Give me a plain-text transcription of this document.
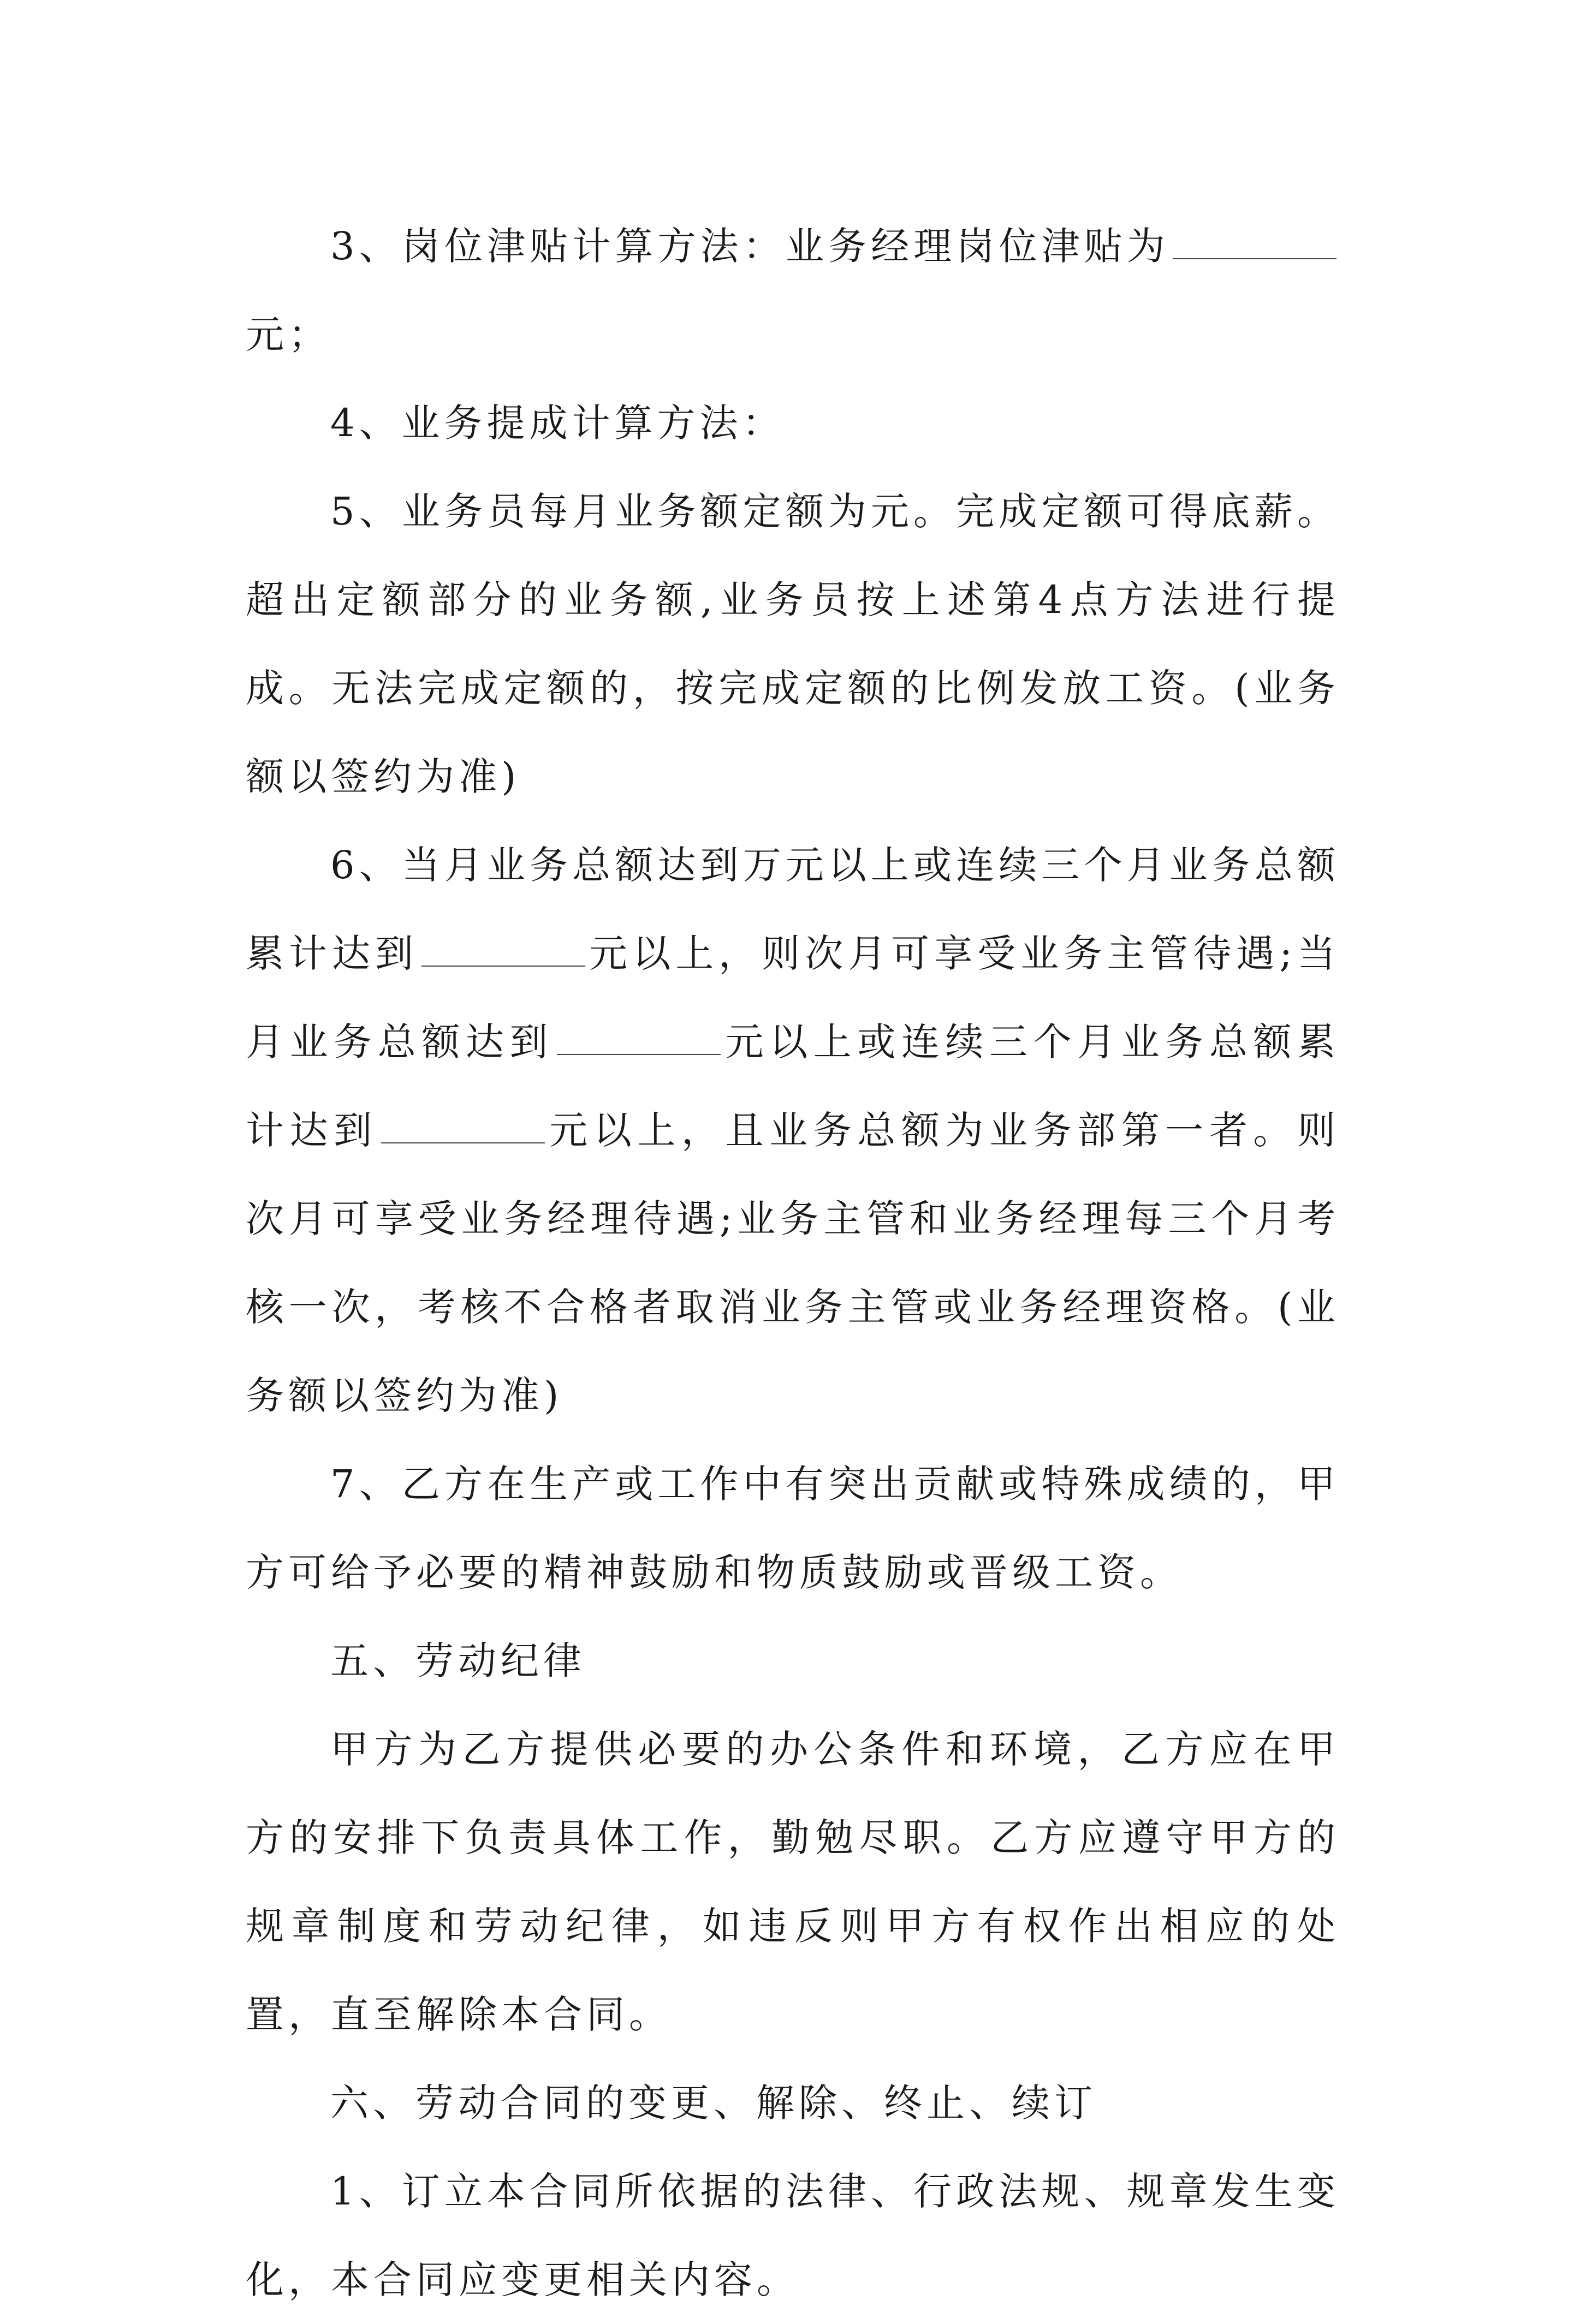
3、岗位津贴计算方法：业务经理岗位津贴为元；

4、业务提成计算方法：

5、业务员每月业务额定额为元。完成定额可得底薪。超出定额部分的业务额,业务员按上述第4点方法进行提成。无法完成定额的，按完成定额的比例发放工资。(业务额以签约为准)

6、当月业务总额达到万元以上或连续三个月业务总额累计达到	元以上，则次月可享受业务主管待遇;当月业务总额达到	元以上或连续三个月业务总额累计达到	元以上，且业务总额为业务部第一者。则次月可享受业务经理待遇;业务主管和业务经理每三个月考核一次，考核不合格者取消业务主管或业务经理资格。(业务额以签约为准)

7、乙方在生产或工作中有突出贡献或特殊成绩的，甲方可给予必要的精神鼓励和物质鼓励或晋级工资。

五、劳动纪律

甲方为乙方提供必要的办公条件和环境，乙方应在甲方的安排下负责具体工作，勤勉尽职。乙方应遵守甲方的规章制度和劳动纪律，如违反则甲方有权作出相应的处置，直至解除本合同。

六、劳动合同的变更、解除、终止、续订

1、订立本合同所依据的法律、行政法规、规章发生变化，本合同应变更相关内容。
